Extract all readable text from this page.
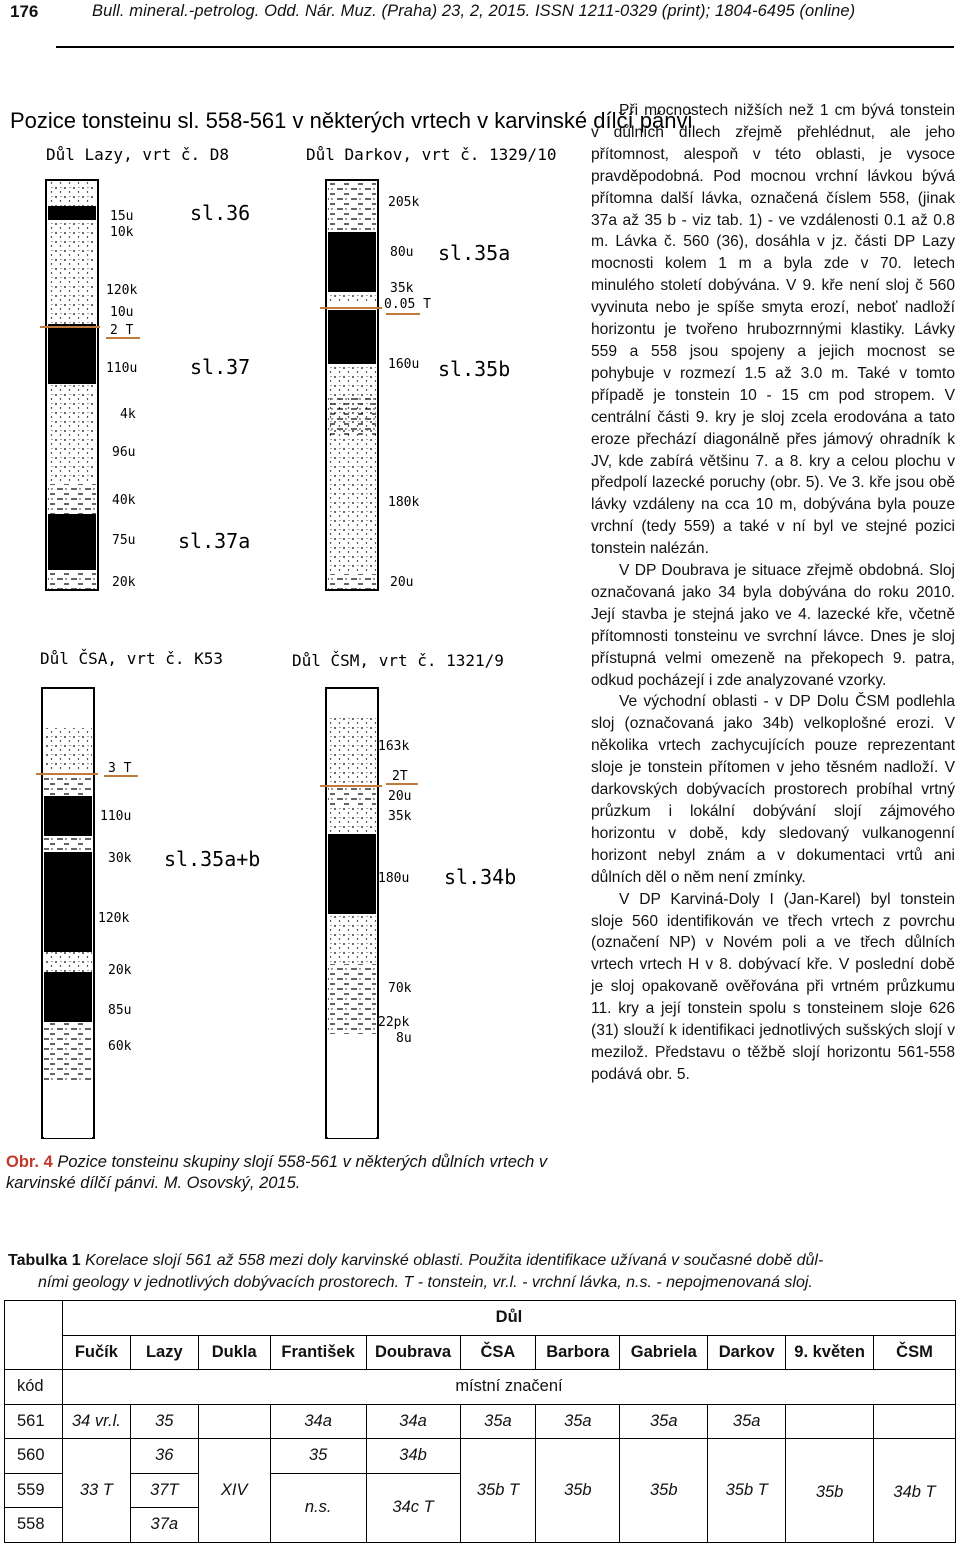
176	Bull. mineral.-petrolog. Odd. Nár. Muz. (Praha) 23, 2, 2015. ISSN 1211-0329 (print); 1804-6495 (online)
Pozice tonsteinu sl. 558-561 v některých vrtech v karvinské dílčí pánvi
Důl Lazy, vrt č. D8	Důl Darkov, vrt č. 1329/10
Důl ČSA, vrt č. K53	Důl ČSM, vrt č. 1321/9
15u
10k
120k
10u
2 T
110u
4k
96u
40k
75u
20k
sl.36
sl.37
sl.37a
205k
80u
35k
0.05 T
160u
180k
20u
sl.35a
sl.35b
3 T
110u
30k
120k
20k
85u
60k
sl.35a+b
163k
2T
20u
35k
180u
70k
22pk
8u
sl.34b
Obr. 4 Pozice tonsteinu skupiny slojí 558-561 v některých důlních vrtech v karvinské dílčí pánvi. M. Osovský, 2015.

Při mocnostech nižších než 1 cm bývá tonstein v důlních dílech zřejmě přehlédnut, ale jeho přítomnost, alespoň v této oblasti, je vysoce pravděpodobná. Pod mocnou vrchní lávkou bývá přítomna další lávka, označená číslem 558, (jinak 37a až 35 b - viz tab. 1) - ve vzdálenosti 0.1 až 0.8 m. Lávka č. 560 (36), dosáhla v jz. části DP Lazy mocnosti kolem 1 m a byla zde v 70. letech minulého století dobývána. V 9. kře není sloj č 560 vyvinuta nebo je spíše smyta erozí, neboť nadloží horizontu je tvořeno hrubozrnnými klastiky. Lávky 559 a 558 jsou spojeny a jejich mocnost se pohybuje v rozmezí 1.5 až 3.0 m. Také v tomto případě je tonstein 10 - 15 cm pod stropem. V centrální části 9. kry je sloj zcela erodována a tato eroze přechází diagonálně přes jámový ohradník k JV, kde zabírá většinu 7. a 8. kry a celou plochu v předpolí lazecké poruchy (obr. 5). Ve 3. kře jsou obě lávky vzdáleny na cca 10 m, dobývána byla pouze vrchní (tedy 559) a také v ní byl ve stejné pozici tonstein nalézán.

V DP Doubrava je situace zřejmě obdobná. Sloj označovaná jako 34 byla dobývána do roku 2010. Její stavba je stejná jako ve 4. lazecké kře, včetně přítomnosti tonsteinu ve svrchní lávce. Dnes je sloj přístupná velmi omezeně na překopech 9. patra, odkud pocházejí i zde analyzované vzorky.

Ve východní oblasti - v DP Dolu ČSM podlehla sloj (označovaná jako 34b) velkoplošné erozi. V několika vrtech zachycujících pouze reprezentant sloje je tonstein přítomen v jeho těsném nadloží. V darkovských dobývacích prostorech probíhal vrtný průzkum i lokální dobývání slojí zájmového horizontu v době, kdy sledovaný vulkanogenní horizont nebyl znám a v dokumentaci vrtů ani důlních děl o něm není zmínky.

V DP Karviná-Doly I (Jan-Karel) byl tonstein sloje 560 identifikován ve třech vrtech z povrchu (označení NP) v Novém poli a ve třech důlních vrtech vrtech H v 8. dobývací kře. V poslední době je sloj opakovaně ověřována při vrtném průzkumu 11. kry a její tonstein spolu s tonsteinem sloje 626 (31) slouží k identifikaci jednotlivých sušských slojí v mezilož. Představu o těžbě slojí horizontu 561-558 podává obr. 5.

Tabulka 1 Korelace slojí 561 až 558 mezi doly karvinské oblasti. Použita identifikace užívaná v současné době důl-
ními geology v jednotlivých dobývacích prostorech. T - tonstein, vr.l. - vrchní lávka, n.s. - nepojmenovaná sloj.
	Důl										
	Fučík	Lazy	Dukla	František	Doubrava	ČSA	Barbora	Gabriela	Darkov	9. květen	ČSM
kód	místní značení										
561	34 vr.l.	35		34a	34a	35a	35a	35a	35a		
560	33 T	36	XIV	35	34b	35b T	35b	35b	35b T	35b	34b T
559		37T		n.s.	34c T						
558		37a									
